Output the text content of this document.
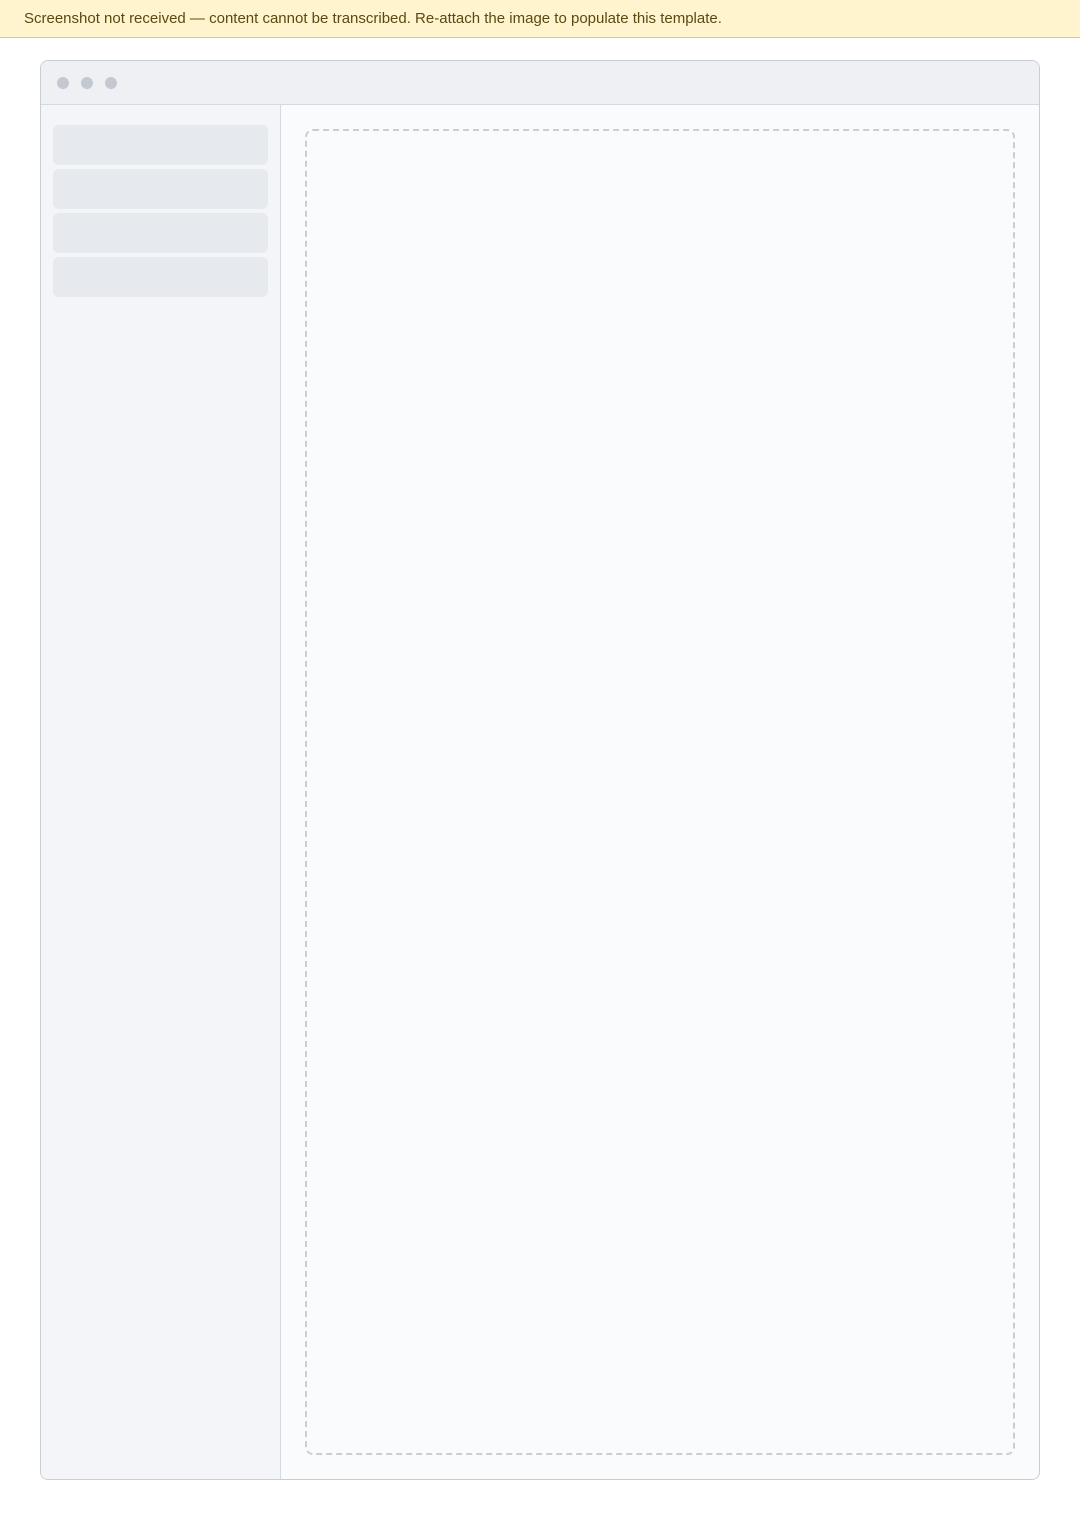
Screenshot not received — content cannot be transcribed. Re-attach the image to populate this template.
